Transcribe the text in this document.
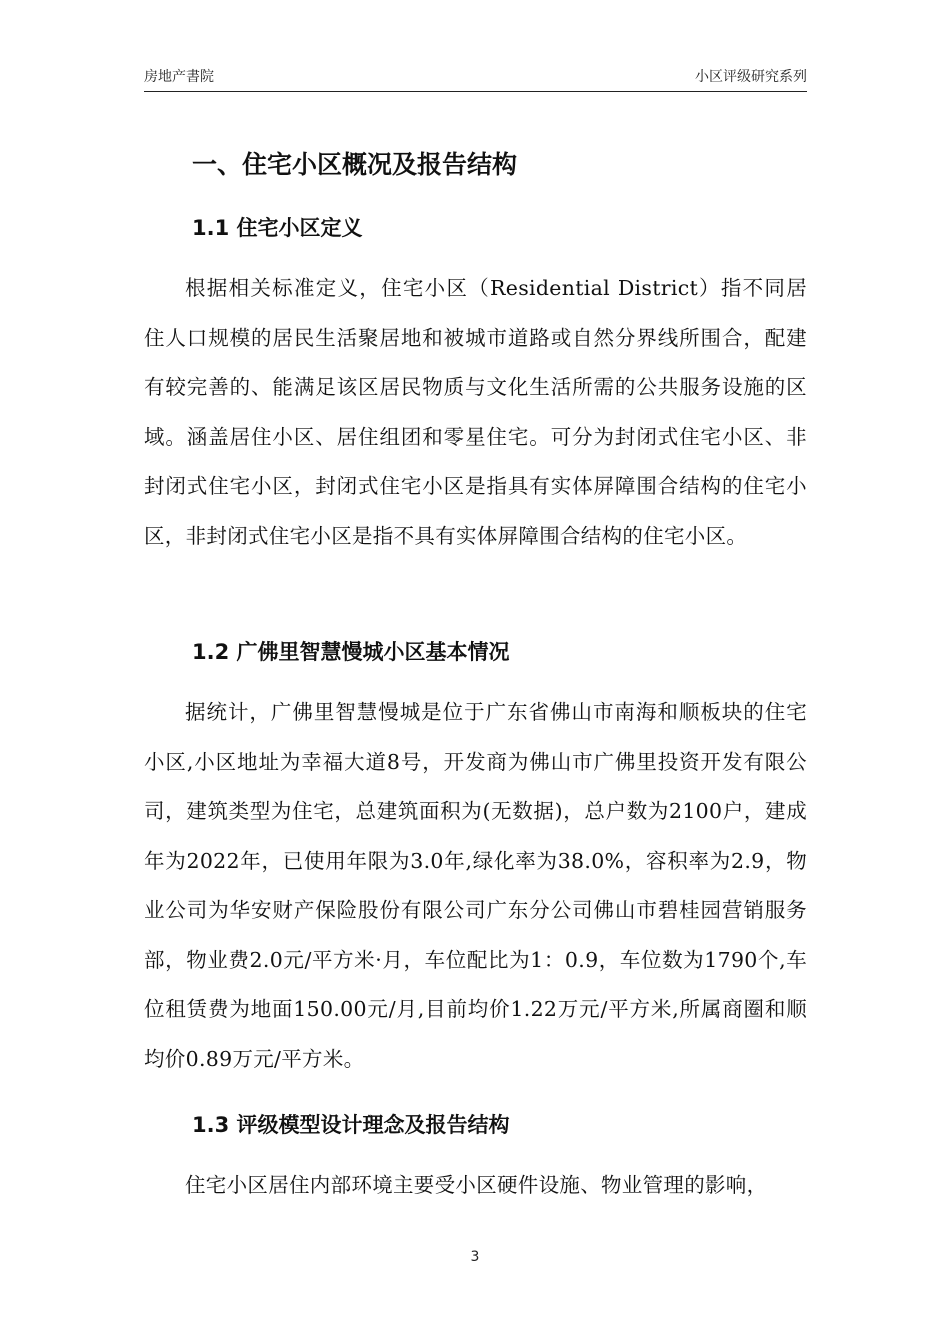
房地产書院	小区评级研究系列
一、住宅小区概况及报告结构
1.1 住宅小区定义
1.2 广佛里智慧慢城小区基本情况
1.3 评级模型设计理念及报告结构

根据相关标准定义，住宅小区（Residential District）指不同居住人口规模的居民生活聚居地和被城市道路或自然分界线所围合，配建有较完善的、能满足该区居民物质与文化生活所需的公共服务设施的区域。涵盖居住小区、居住组团和零星住宅。可分为封闭式住宅小区、非封闭式住宅小区，封闭式住宅小区是指具有实体屏障围合结构的住宅小区，非封闭式住宅小区是指不具有实体屏障围合结构的住宅小区。

据统计，广佛里智慧慢城是位于广东省佛山市南海和顺板块的住宅小区,小区地址为幸福大道8号，开发商为佛山市广佛里投资开发有限公司，建筑类型为住宅，总建筑面积为(无数据)，总户数为2100户，建成年为2022年，已使用年限为3.0年,绿化率为38.0%，容积率为2.9，物业公司为华安财产保险股份有限公司广东分公司佛山市碧桂园营销服务部，物业费2.0元/平方米·月，车位配比为1：0.9，车位数为1790个,车位租赁费为地面150.00元/月,目前均价1.22万元/平方米,所属商圈和顺均价0.89万元/平方米。

住宅小区居住内部环境主要受小区硬件设施、物业管理的影响，

3
